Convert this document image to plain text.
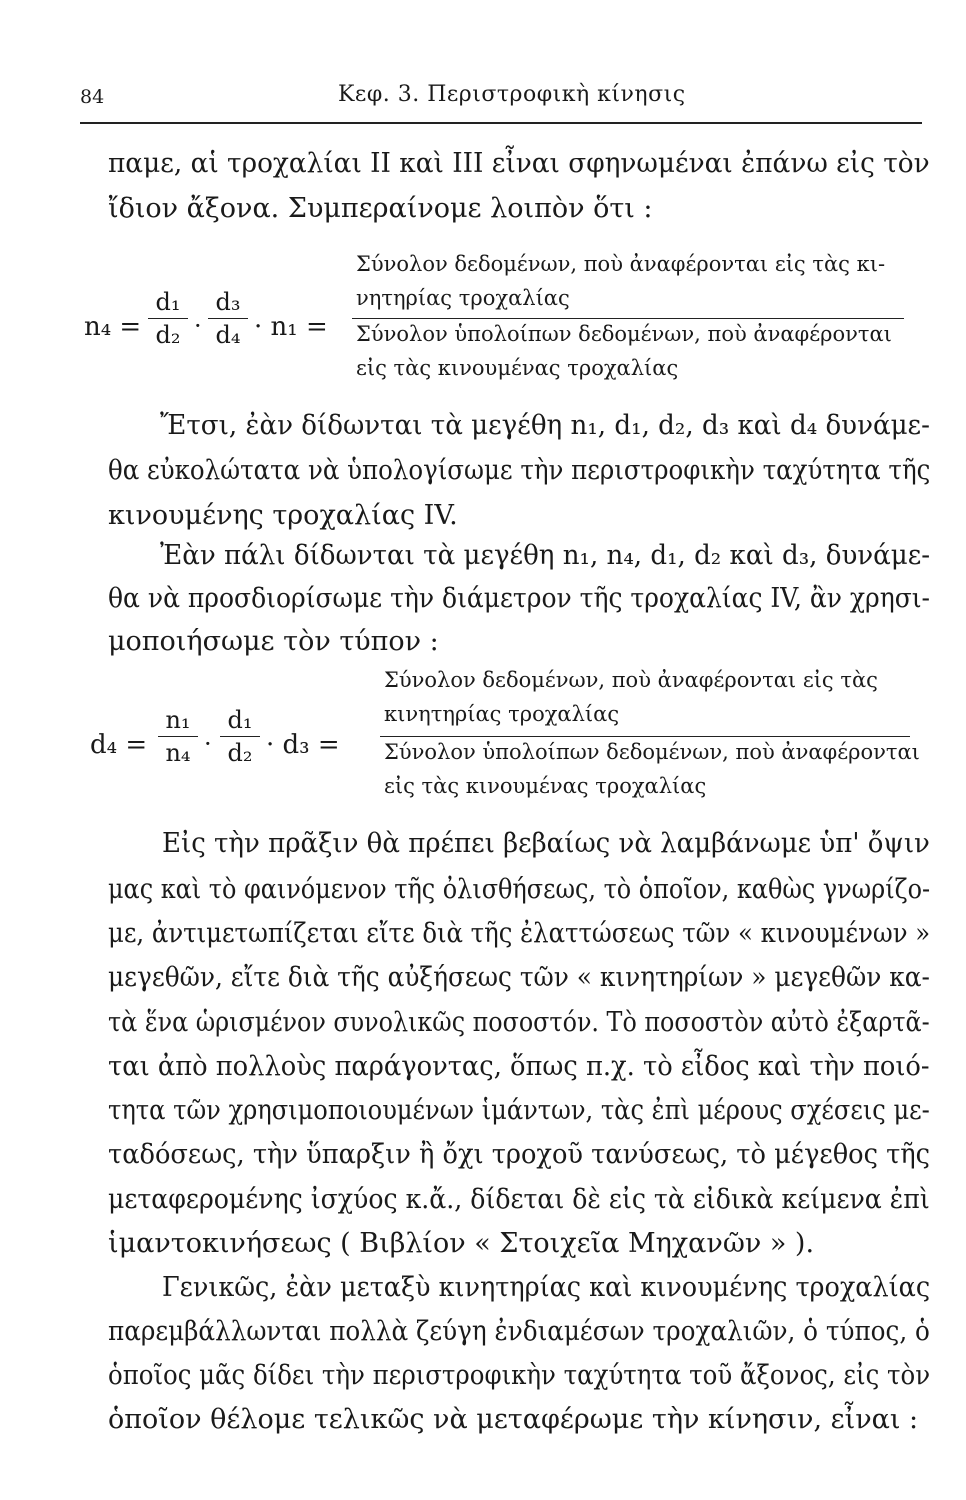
84	Κεφ. 3. Περιστροφικὴ κίνησις
παμε, αἱ τροχαλίαι II καὶ III εἶναι σφηνωμέναι ἐπάνω εἰς τὸν
ἴδιον ἄξονα. Συμπεραίνομε λοιπὸν ὅτι :
n₄ =
d₁
d₂ ·
d₃
d₄ · n₁ =
Σύνολον δεδομένων, ποὺ ἀναφέρονται εἰς τὰς κι-
νητηρίας τροχαλίας
Σύνολον ὑπολοίπων δεδομένων, ποὺ ἀναφέρονται
εἰς τὰς κινουμένας τροχαλίας
Ἔτσι, ἐὰν δίδωνται τὰ μεγέθη n₁, d₁, d₂, d₃ καὶ d₄ δυνάμε-
θα εὐκολώτατα νὰ ὑπολογίσωμε τὴν περιστροφικὴν ταχύτητα τῆς
κινουμένης τροχαλίας IV.
Ἐὰν πάλι δίδωνται τὰ μεγέθη n₁, n₄, d₁, d₂ καὶ d₃, δυνάμε-
θα νὰ προσδιορίσωμε τὴν διάμετρον τῆς τροχαλίας IV, ἂν χρησι-
μοποιήσωμε τὸν τύπον :
d₄ =
n₁
n₄ ·
d₁
d₂ · d₃ =
Σύνολον δεδομένων, ποὺ ἀναφέρονται εἰς τὰς
κινητηρίας τροχαλίας
Σύνολον ὑπολοίπων δεδομένων, ποὺ ἀναφέρονται
εἰς τὰς κινουμένας τροχαλίας
Εἰς τὴν πρᾶξιν θὰ πρέπει βεβαίως νὰ λαμβάνωμε ὑπ' ὄψιν
μας καὶ τὸ φαινόμενον τῆς ὀλισθήσεως, τὸ ὁποῖον, καθὼς γνωρίζο-
με, ἀντιμετωπίζεται εἴτε διὰ τῆς ἐλαττώσεως τῶν « κινουμένων »
μεγεθῶν, εἴτε διὰ τῆς αὐξήσεως τῶν « κινητηρίων » μεγεθῶν κα-
τὰ ἕνα ὡρισμένον συνολικῶς ποσοστόν. Τὸ ποσοστὸν αὐτὸ ἐξαρτᾶ-
ται ἀπὸ πολλοὺς παράγοντας, ὅπως π.χ. τὸ εἶδος καὶ τὴν ποιό-
τητα τῶν χρησιμοποιουμένων ἱμάντων, τὰς ἐπὶ μέρους σχέσεις με-
ταδόσεως, τὴν ὕπαρξιν ἢ ὄχι τροχοῦ τανύσεως, τὸ μέγεθος τῆς
μεταφερομένης ἰσχύος κ.ἄ., δίδεται δὲ εἰς τὰ εἰδικὰ κείμενα ἐπὶ
ἱμαντοκινήσεως ( Βιβλίον « Στοιχεῖα Μηχανῶν » ).
Γενικῶς, ἐὰν μεταξὺ κινητηρίας καὶ κινουμένης τροχαλίας
παρεμβάλλωνται πολλὰ ζεύγη ἐνδιαμέσων τροχαλιῶν, ὁ τύπος, ὁ
ὁποῖος μᾶς δίδει τὴν περιστροφικὴν ταχύτητα τοῦ ἄξονος, εἰς τὸν
ὁποῖον θέλομε τελικῶς νὰ μεταφέρωμε τὴν κίνησιν, εἶναι :
